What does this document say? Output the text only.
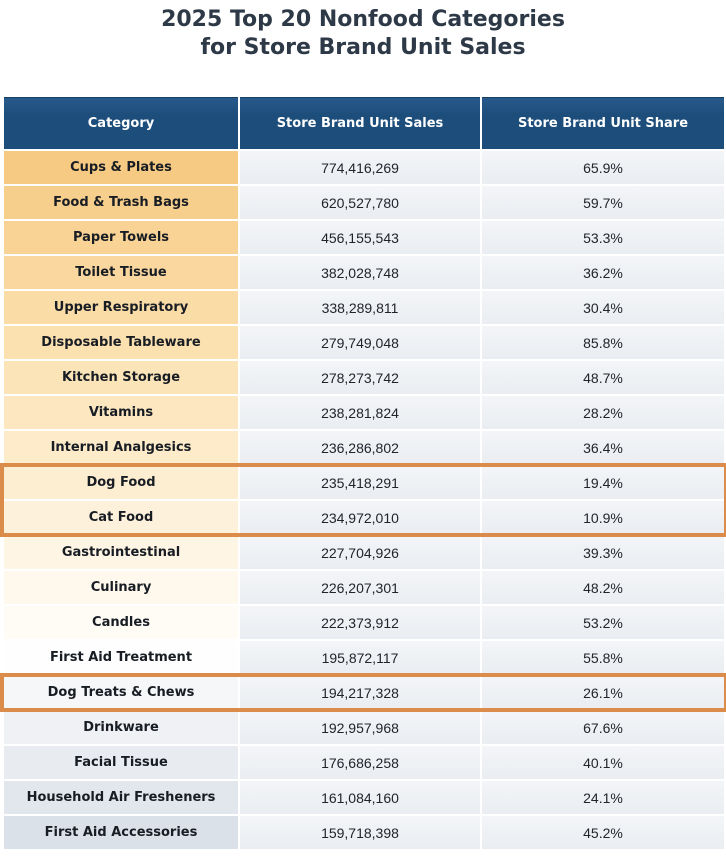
2025 Top 20 Nonfood Categories
for Store Brand Unit Sales
Category	Store Brand Unit Sales	Store Brand Unit Share
Cups & Plates	774,416,269	65.9%
Food & Trash Bags	620,527,780	59.7%
Paper Towels	456,155,543	53.3%
Toilet Tissue	382,028,748	36.2%
Upper Respiratory	338,289,811	30.4%
Disposable Tableware	279,749,048	85.8%
Kitchen Storage	278,273,742	48.7%
Vitamins	238,281,824	28.2%
Internal Analgesics	236,286,802	36.4%
Dog Food	235,418,291	19.4%
Cat Food	234,972,010	10.9%
Gastrointestinal	227,704,926	39.3%
Culinary	226,207,301	48.2%
Candles	222,373,912	53.2%
First Aid Treatment	195,872,117	55.8%
Dog Treats & Chews	194,217,328	26.1%
Drinkware	192,957,968	67.6%
Facial Tissue	176,686,258	40.1%
Household Air Fresheners	161,084,160	24.1%
First Aid Accessories	159,718,398	45.2%
